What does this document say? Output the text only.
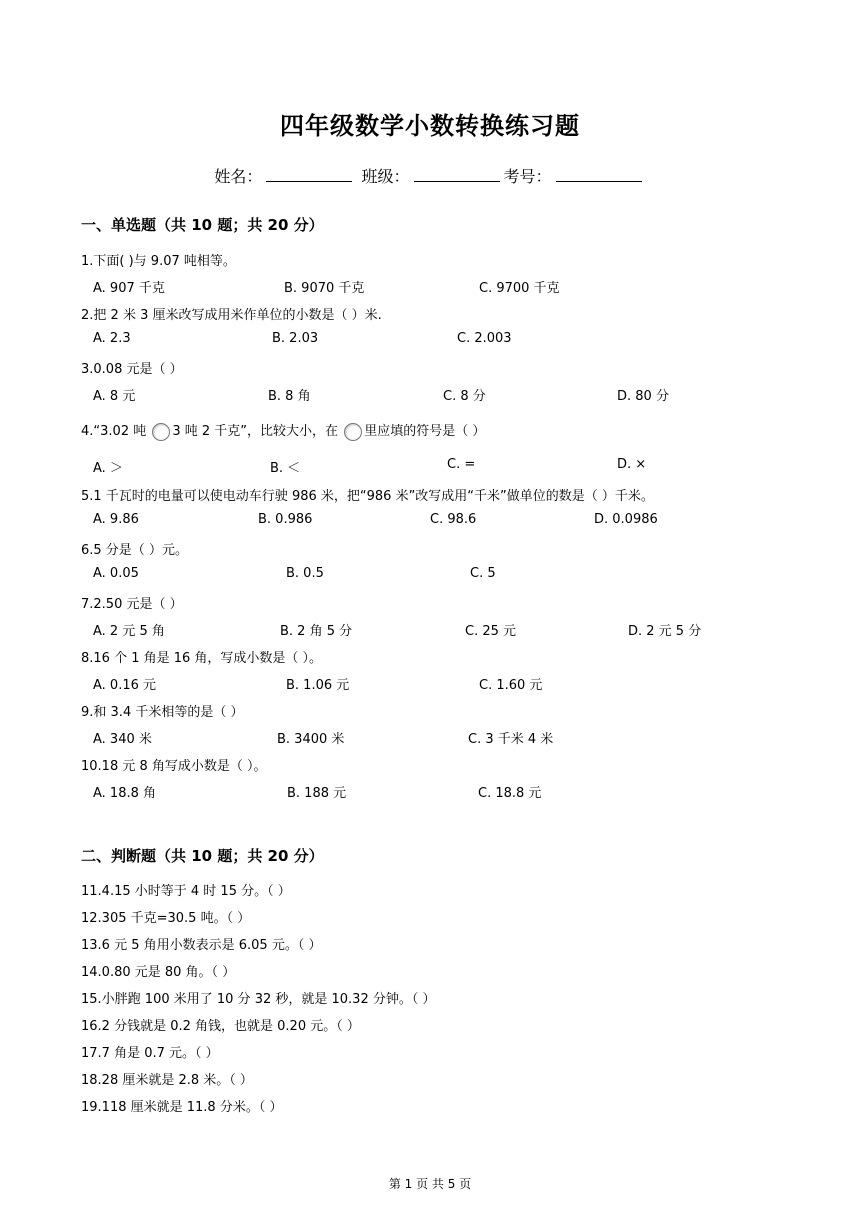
四年级数学小数转换练习题
姓名：	班级：	考号：
一、单选题（共 10 题；共 20 分）
1.下面( )与 9.07 吨相等。
A. 907 千克	B. 9070 千克	C. 9700 千克
2.把 2 米 3 厘米改写成用米作单位的小数是（ ）米.
A. 2.3	B. 2.03	C. 2.003
3.0.08 元是（ ）
A. 8 元	B. 8 角	C. 8 分	D. 80 分
4.“3.02 吨 3 吨 2 千克”，比较大小，在 里应填的符号是（ ）
A. ＞	B. ＜	C. =	D. ×
5.1 千瓦时的电量可以使电动车行驶 986 米，把“986 米”改写成用“千米”做单位的数是（ ）千米。
A. 9.86	B. 0.986	C. 98.6	D. 0.0986
6.5 分是（ ）元。
A. 0.05	B. 0.5	C. 5
7.2.50 元是（ ）
A. 2 元 5 角	B. 2 角 5 分	C. 25 元	D. 2 元 5 分
8.16 个 1 角是 16 角，写成小数是（ ）。
A. 0.16 元	B. 1.06 元	C. 1.60 元
9.和 3.4 千米相等的是（ ）
A. 340 米	B. 3400 米	C. 3 千米 4 米
10.18 元 8 角写成小数是（ ）。
A. 18.8 角	B. 188 元	C. 18.8 元
二、判断题（共 10 题；共 20 分）
11.4.15 小时等于 4 时 15 分。（ ）
12.305 千克=30.5 吨。（ ）
13.6 元 5 角用小数表示是 6.05 元。（ ）
14.0.80 元是 80 角。（ ）
15.小胖跑 100 米用了 10 分 32 秒，就是 10.32 分钟。（ ）
16.2 分钱就是 0.2 角钱，也就是 0.20 元。（ ）
17.7 角是 0.7 元。（ ）
18.28 厘米就是 2.8 米。（ ）
19.118 厘米就是 11.8 分米。（ ）
第 1 页 共 5 页
